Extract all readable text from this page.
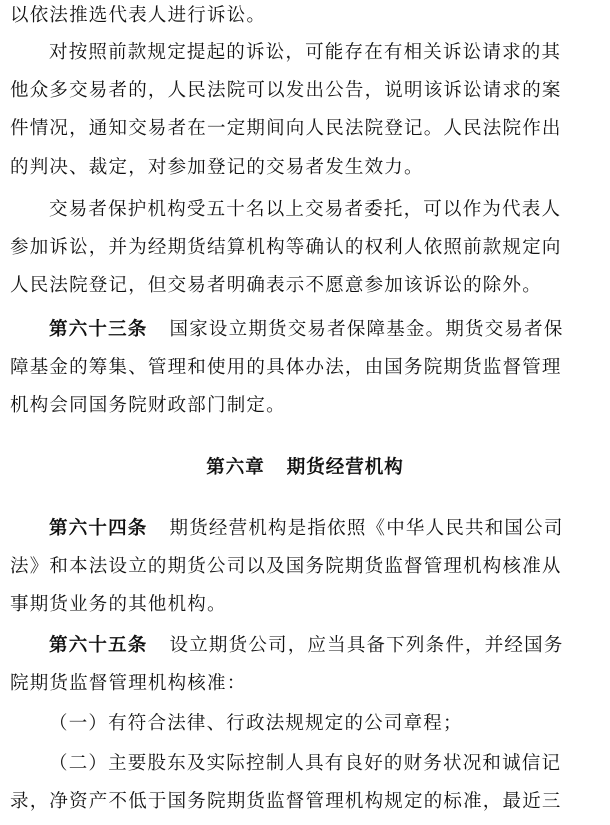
以依法推选代表人进行诉讼。
对按照前款规定提起的诉讼，可能存在有相关诉讼请求的其
他众多交易者的，人民法院可以发出公告，说明该诉讼请求的案
件情况，通知交易者在一定期间向人民法院登记。人民法院作出
的判决、裁定，对参加登记的交易者发生效力。
交易者保护机构受五十名以上交易者委托，可以作为代表人
参加诉讼，并为经期货结算机构等确认的权利人依照前款规定向
人民法院登记，但交易者明确表示不愿意参加该诉讼的除外。
第六十三条 国家设立期货交易者保障基金。期货交易者保
障基金的筹集、管理和使用的具体办法，由国务院期货监督管理
机构会同国务院财政部门制定。
第六章 期货经营机构
第六十四条 期货经营机构是指依照《中华人民共和国公司
法》和本法设立的期货公司以及国务院期货监督管理机构核准从
事期货业务的其他机构。
第六十五条 设立期货公司，应当具备下列条件，并经国务
院期货监督管理机构核准：
（一）有符合法律、行政法规规定的公司章程；
（二）主要股东及实际控制人具有良好的财务状况和诚信记
录，净资产不低于国务院期货监督管理机构规定的标准，最近三
